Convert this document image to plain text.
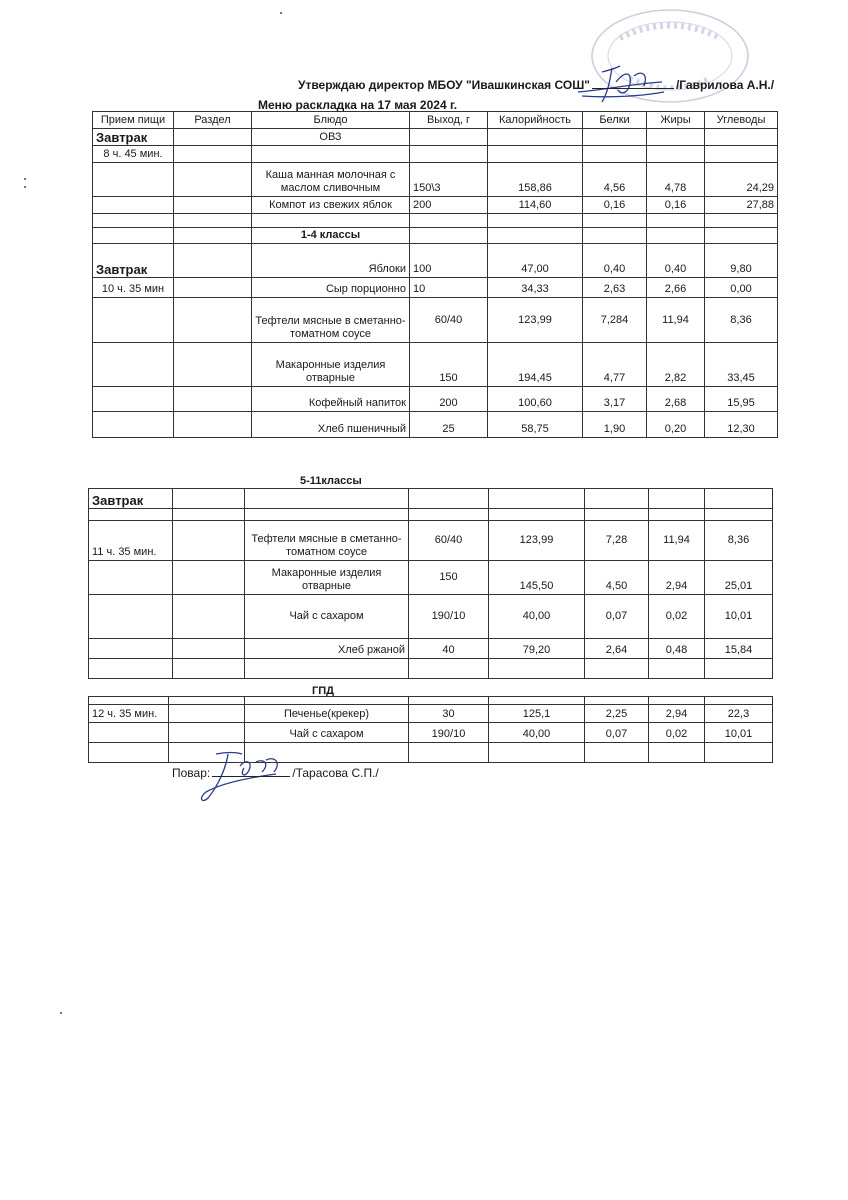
Утверждаю директор МБОУ "Ивашкинская СОШ"	/Гаврилова А.Н./
Меню раскладка на 17 мая 2024 г.
Прием пищи	Раздел	Блюдо	Выход, г	Калорийность	Белки	Жиры	Углеводы
Завтрак		ОВЗ					
8 ч. 45 мин.							
		Каша манная молочная с маслом сливочным	150\3	158,86	4,56	4,78	24,29
		Компот из свежих яблок	200	114,60	0,16	0,16	27,88

		1-4 классы					
Завтрак		Яблоки	100	47,00	0,40	0,40	9,80
10 ч. 35 мин		Сыр порционно	10	34,33	2,63	2,66	0,00
		Тефтели мясные в сметанно-томатном соусе	60/40	123,99	7,284	11,94	8,36
		Макаронные изделия отварные	150	194,45	4,77	2,82	33,45
		Кофейный напиток	200	100,60	3,17	2,68	15,95
		Хлеб пшеничный	25	58,75	1,90	0,20	12,30
5-11классы
Завтрак							

11 ч. 35 мин.		Тефтели мясные в сметанно-томатном соусе	60/40	123,99	7,28	11,94	8,36
		Макаронные изделия отварные	150	145,50	4,50	2,94	25,01
		Чай с сахаром	190/10	40,00	0,07	0,02	10,01
		Хлеб ржаной	40	79,20	2,64	0,48	15,84

ГПД

12 ч. 35 мин.		Печенье(крекер)	30	125,1	2,25	2,94	22,3
		Чай с сахаром	190/10	40,00	0,07	0,02	10,01

Повар:	/Тарасова С.П./
